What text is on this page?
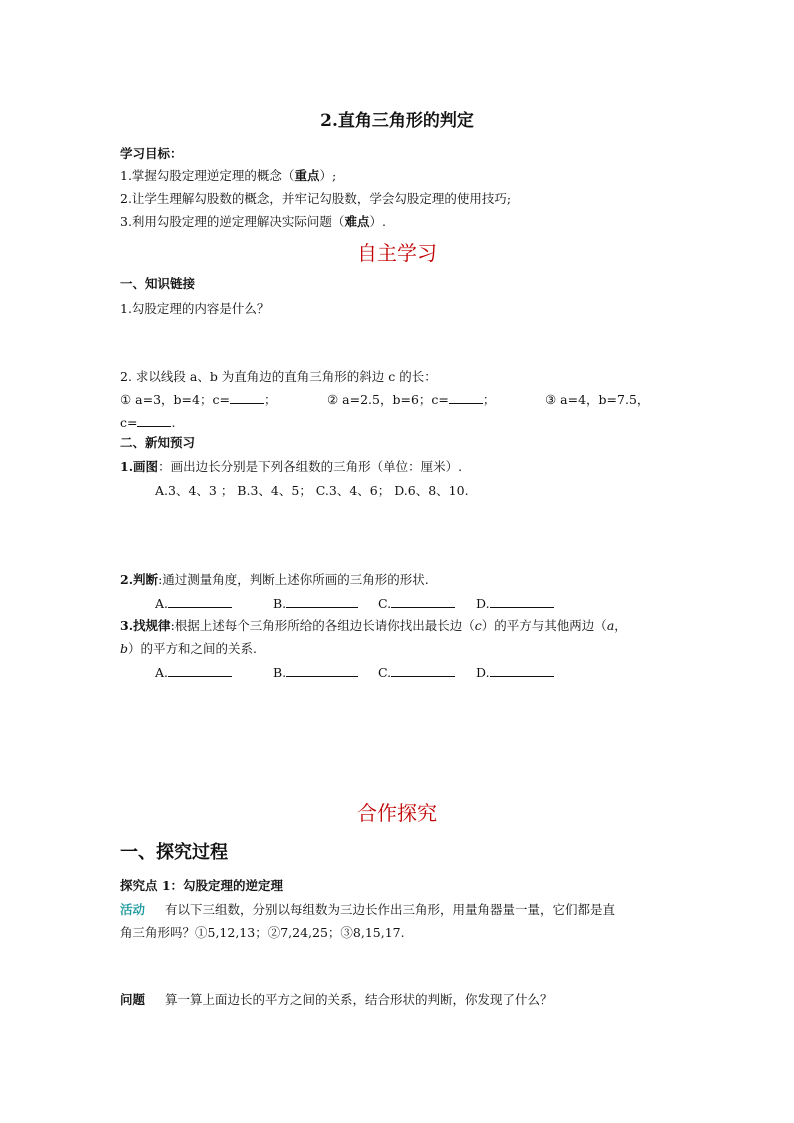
2.直角三角形的判定
学习目标：
1.掌握勾股定理逆定理的概念（重点）;
2.让学生理解勾股数的概念，并牢记勾股数，学会勾股定理的使用技巧;
3.利用勾股定理的逆定理解决实际问题（难点）.
自主学习
一、知识链接
1.勾股定理的内容是什么？
2. 求以线段 a、b 为直角边的直角三角形的斜边 c 的长：
① a=3，b=4；c=	；	② a=2.5，b=6；c=	；	③ a=4，b=7.5，
c=	.
二、新知预习
1.画图：画出边长分别是下列各组数的三角形（单位：厘米）.
A.3、4、3 ； B.3、4、5； C.3、4、6； D.6、8、10.
2.判断:通过测量角度，判断上述你所画的三角形的形状.
A.	B.	C.	D.
3.找规律:根据上述每个三角形所给的各组边长请你找出最长边（c）的平方与其他两边（a，
b）的平方和之间的关系.
A.	B.	C.	D.
合作探究
一、探究过程
探究点 1：勾股定理的逆定理
活动 有以下三组数，分别以每组数为三边长作出三角形，用量角器量一量，它们都是直
角三角形吗？①5,12,13；②7,24,25；③8,15,17.
问题 算一算上面边长的平方之间的关系，结合形状的判断，你发现了什么？
